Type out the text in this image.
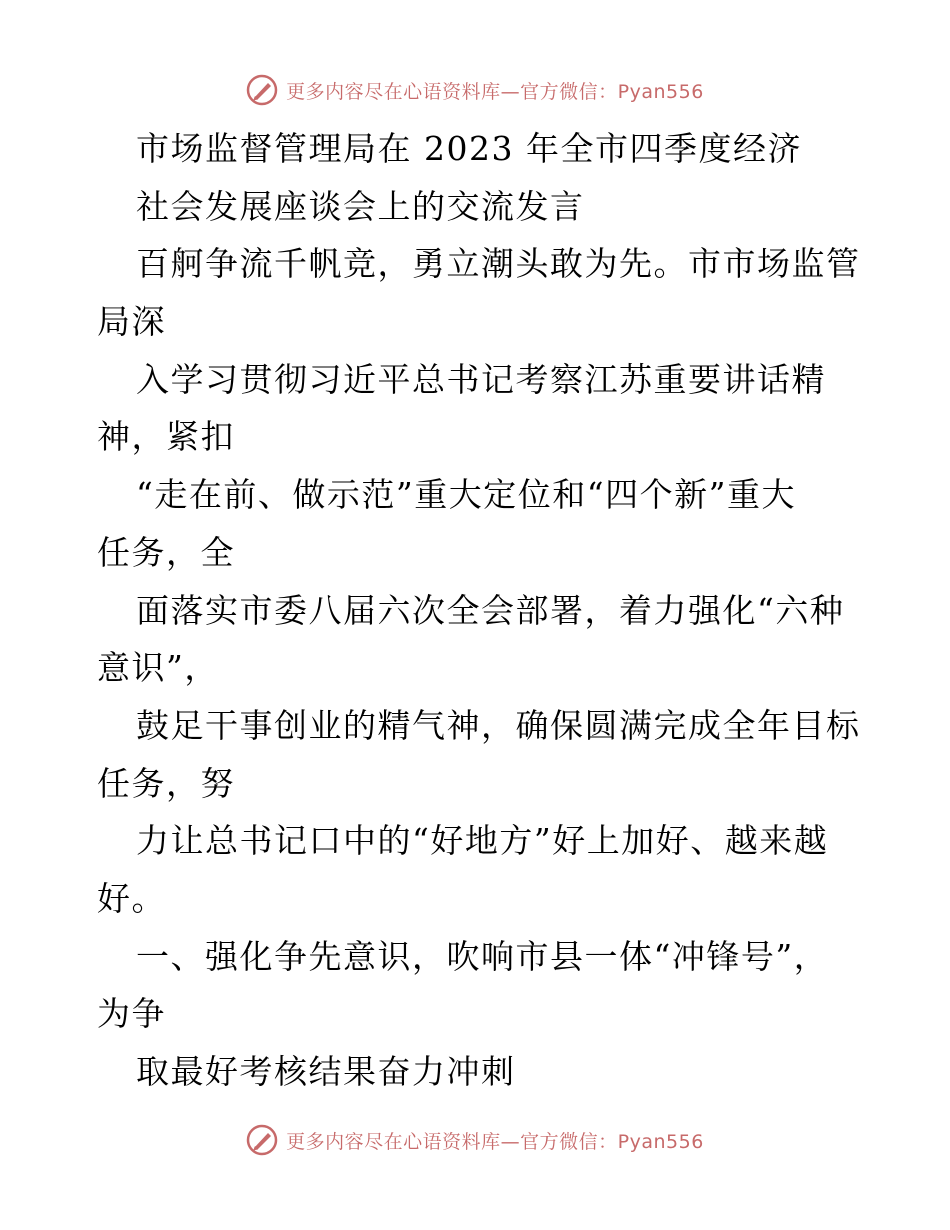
更多内容尽在心语资料库—官方微信：Pyan556
市场监督管理局在 2023 年全市四季度经济
社会发展座谈会上的交流发言
百舸争流千帆竞，勇立潮头敢为先。市市场监管
局深
入学习贯彻习近平总书记考察江苏重要讲话精
神，紧扣
“走在前、做示范”重大定位和“四个新”重大
任务，全
面落实市委八届六次全会部署，着力强化“六种
意识”，
鼓足干事创业的精气神，确保圆满完成全年目标
任务，努
力让总书记口中的“好地方”好上加好、越来越
好。
一、强化争先意识，吹响市县一体“冲锋号”，
为争
取最好考核结果奋力冲刺
更多内容尽在心语资料库—官方微信：Pyan556
